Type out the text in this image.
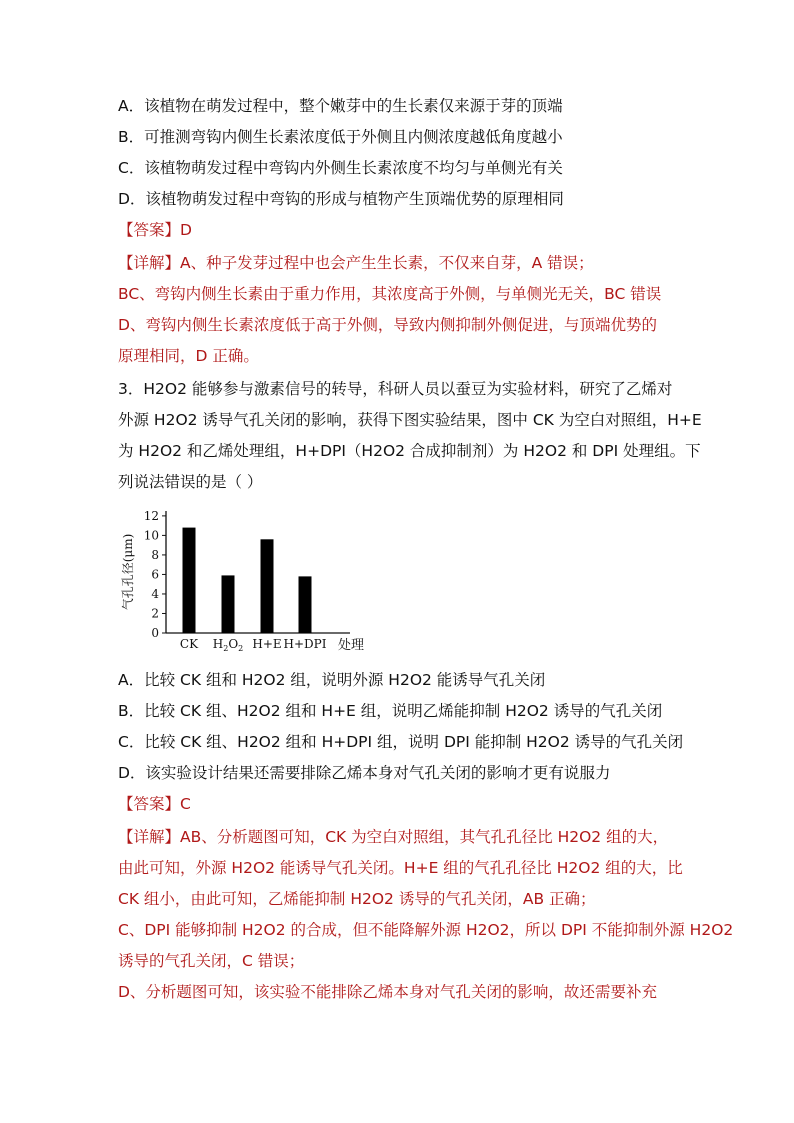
A．该植物在萌发过程中，整个嫩芽中的生长素仅来源于芽的顶端
B．可推测弯钩内侧生长素浓度低于外侧且内侧浓度越低角度越小
C．该植物萌发过程中弯钩内外侧生长素浓度不均匀与单侧光有关
D．该植物萌发过程中弯钩的形成与植物产生顶端优势的原理相同
【答案】D
【详解】A、种子发芽过程中也会产生生长素，不仅来自芽，A 错误；
BC、弯钩内侧生长素由于重力作用，其浓度高于外侧，与单侧光无关，BC 错误
D、弯钩内侧生长素浓度低于高于外侧，导致内侧抑制外侧促进，与顶端优势的
原理相同，D 正确。
3．H2O2 能够参与激素信号的转导，科研人员以蚕豆为实验材料，研究了乙烯对
外源 H2O2 诱导气孔关闭的影响，获得下图实验结果，图中 CK 为空白对照组，H+E
为 H2O2 和乙烯处理组，H+DPI（H2O2 合成抑制剂）为 H2O2 和 DPI 处理组。下
列说法错误的是（ ）
气孔孔径(μm)
0
2
4
6
8
10
12
CK $H_2O_2$ H+E H+DPI 处理
A．比较 CK 组和 H2O2 组，说明外源 H2O2 能诱导气孔关闭
B．比较 CK 组、H2O2 组和 H+E 组，说明乙烯能抑制 H2O2 诱导的气孔关闭
C．比较 CK 组、H2O2 组和 H+DPI 组，说明 DPI 能抑制 H2O2 诱导的气孔关闭
D．该实验设计结果还需要排除乙烯本身对气孔关闭的影响才更有说服力
【答案】C
【详解】AB、分析题图可知，CK 为空白对照组，其气孔孔径比 H2O2 组的大，
由此可知，外源 H2O2 能诱导气孔关闭。H+E 组的气孔孔径比 H2O2 组的大，比
CK 组小，由此可知，乙烯能抑制 H2O2 诱导的气孔关闭，AB 正确；
C、DPI 能够抑制 H2O2 的合成，但不能降解外源 H2O2，所以 DPI 不能抑制外源 H2O2
诱导的气孔关闭，C 错误；
D、分析题图可知，该实验不能排除乙烯本身对气孔关闭的影响，故还需要补充
